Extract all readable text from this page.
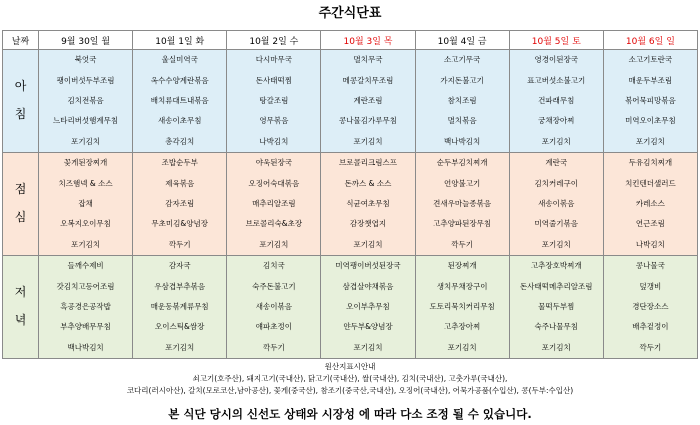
주간식단표
날짜	9월 30일 월	10월 1일 화	10월 2일 수	10월 3일 목	10월 4일 금	10월 5일 토	10월 6일 일

아
침	북엇국
팽이버섯두부조림
김치전볶음
느타리버섯햄계무침
포기김치	울실미역국
옥수수양계란볶음
배치류대트내볶음
새송이초무침
총각김치	다시마무국
돈사태떡찜
탕갈조림
영무볶음
나박김치	멸치무국
메콩갈치무조림
계란조림
콩나물김가루무침
포기김치	소고기무국
가지돈불고기
참치조림
멸치볶음
백나박김치	영경이된장국
표고버섯소불고기
건파래무침
궁채장아찌
포기김치	소고기토란국
매운두부조림
볶어묵피망볶음
미역오이초무침
포기김치

점
심	꽃게된장찌개
치즈햄넥 & 소스
잡채
오복지오이무침
포기김치	조밥순두부
제육볶음
감자조림
무초미김&양념장
깍두기	야욱된장국
오징어숙대볶음
매추리알조림
브로콜리숙&초장
포기김치	브로콜리크림스프
돈까스 & 소스
식균여초무침
감장챗엽지
포기김치	순두부김치찌개
언양불고기
견새우마늘종볶음
고추양파된장무침
깍두기	계란국
김치커레구이
새송이볶음
미역줄기볶음
포기김치	두유김치찌개
치킨텐더샐러드
카레소스
연근조림
나박김치

저
녁	들깨수제비
갓김치고등어조림
흑공경은공작밥
부추양배무무침
백나박김치	감자국
우삼겹부추볶음
매운동볶계류무침
오이스틱&쌈장
포기김치	김치국
숙주돈불고기
새송이볶음
얘파초정이
깍두기	미역팽이버섯된장국
삼겹살야채볶음
오이부추무침
얀두부&양념장
포기김치	된장찌개
생치무채장구이
도토리묵치커리무침
고추장아찌
포기김치	고추장호박찌개
돈사태떡메추리알조림
물떡두부찜
숙주나물무침
포기김치	콩나물국
덮갱비
경단장소스
배추겉정이
깍두기
원산지표시안내
쇠고기(호주산), 돼지고기(국내산), 닭고기(국내산), 쌀(국내산), 김치(국내산), 고춧가루(국내산),
코다리(러시아산), 갈치(모로코산,남아공산), 꽃게(중국산), 참조기(중국산,국내산), 오징어(국내산), 어묵가공품(수입산), 콩(두부:수입산)
본 식단 당시의 신선도 상태와 시장성 에 따라 다소 조정 될 수 있습니다.
